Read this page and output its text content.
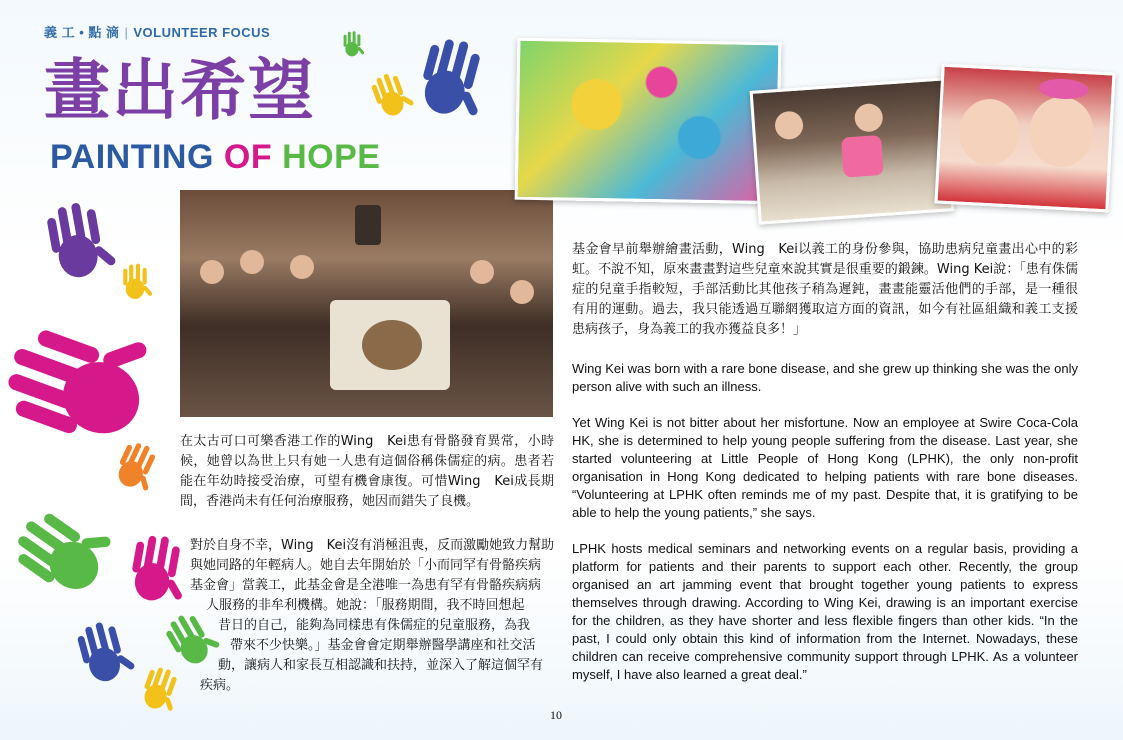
義 工 • 點 滴 | VOLUNTEER FOCUS
畫出希望
PAINTING OF HOPE
在太古可口可樂香港工作的Wing　Kei患有骨骼發育異常，小時候，她曾以為世上只有她一人患有這個俗稱侏儒症的病。患者若能在年幼時接受治療，可望有機會康復。可惜Wing　Kei成長期間，香港尚未有任何治療服務，她因而錯失了良機。
對於自身不幸，Wing　Kei沒有消極沮喪，反而激勵她致力幫助
與她同路的年輕病人。她自去年開始於「小而同罕有骨骼疾病
基金會」當義工，此基金會是全港唯一為患有罕有骨骼疾病病
人服務的非牟利機構。她說：「服務期間，我不時回想起
昔日的自己，能夠為同樣患有侏儒症的兒童服務，為我
帶來不少快樂。」基金會會定期舉辦醫學講座和社交活
動，讓病人和家長互相認識和扶持，並深入了解這個罕有
疾病。
基金會早前舉辦繪畫活動，Wing　Kei以義工的身份參與，協助患病兒童畫出心中的彩虹。不說不知，原來畫畫對這些兒童來說其實是很重要的鍛鍊。Wing Kei說：「患有侏儒症的兒童手指較短，手部活動比其他孩子稍為遲鈍，畫畫能靈活他們的手部，是一種很有用的運動。過去，我只能透過互聯網獲取這方面的資訊，如今有社區組織和義工支援患病孩子，身為義工的我亦獲益良多！」

Wing Kei was born with a rare bone disease, and she grew up thinking she was the only person alive with such an illness.

Yet Wing Kei is not bitter about her misfortune. Now an employee at Swire Coca-Cola HK, she is determined to help young people suffering from the disease. Last year, she started volunteering at Little People of Hong Kong (LPHK), the only non-profit organisation in Hong Kong dedicated to helping patients with rare bone diseases. “Volunteering at LPHK often reminds me of my past. Despite that, it is gratifying to be able to help the young patients,” she says.

LPHK hosts medical seminars and networking events on a regular basis, providing a platform for patients and their parents to support each other. Recently, the group organised an art jamming event that brought together young patients to express themselves through drawing. According to Wing Kei, drawing is an important exercise for the children, as they have shorter and less flexible fingers than other kids. “In the past, I could only obtain this kind of information from the Internet. Nowadays, these children can receive comprehensive community support through LPHK. As a volunteer myself, I have also learned a great deal.”

10
